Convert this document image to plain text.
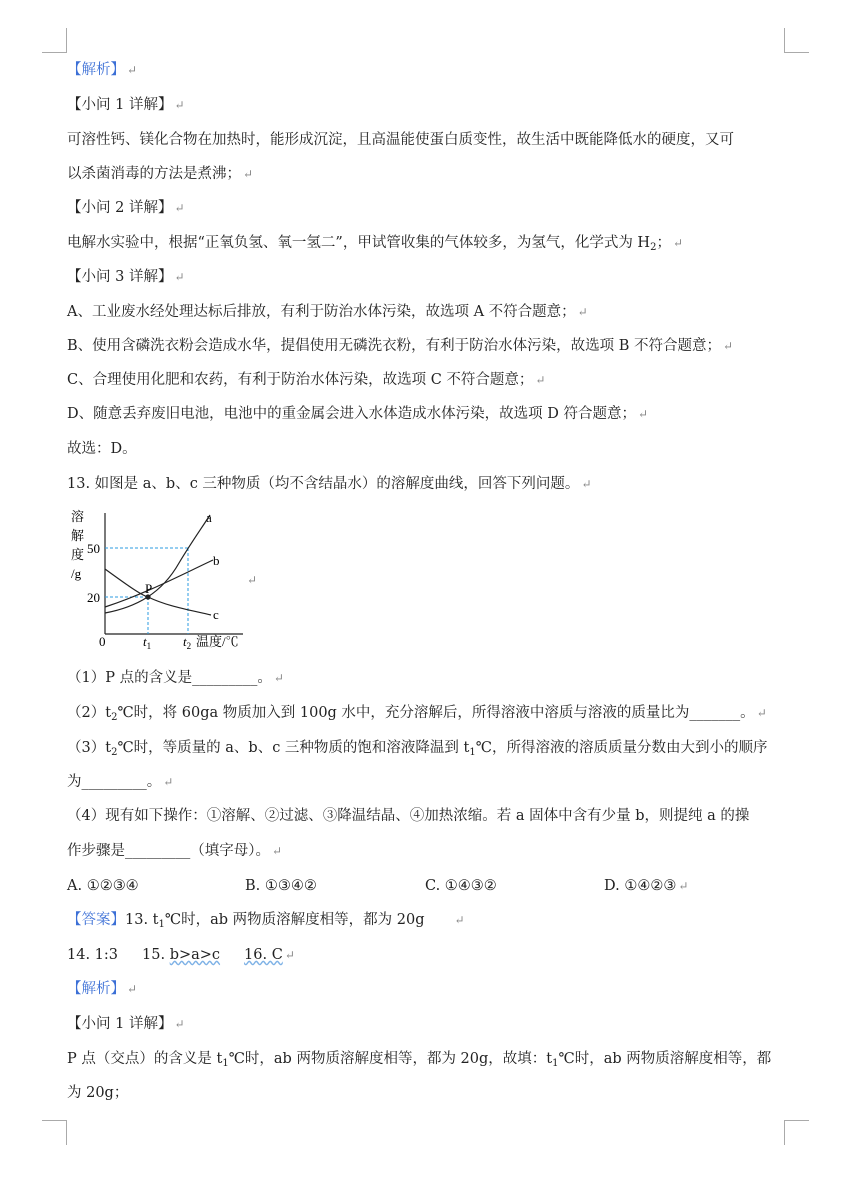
【解析】 ↵
【小问 1 详解】 ↵
可溶性钙、镁化合物在加热时，能形成沉淀，且高温能使蛋白质变性，故生活中既能降低水的硬度，又可
以杀菌消毒的方法是煮沸； ↵
【小问 2 详解】 ↵
电解水实验中，根据“正氧负氢、氧一氢二”，甲试管收集的气体较多，为氢气，化学式为 $H_2$； ↵
【小问 3 详解】 ↵
A、工业废水经处理达标后排放，有利于防治水体污染，故选项 A 不符合题意； ↵
B、使用含磷洗衣粉会造成水华，提倡使用无磷洗衣粉，有利于防治水体污染，故选项 B 不符合题意； ↵
C、合理使用化肥和农药，有利于防治水体污染，故选项 C 不符合题意； ↵
D、随意丢弃废旧电池，电池中的重金属会进入水体造成水体污染，故选项 D 符合题意； ↵
故选：D。
13. 如图是 a、b、c 三种物质（均不含结晶水）的溶解度曲线，回答下列问题。 ↵
a
b
c
P
溶
解
度
/g
50
20
0	$t_1$ $t_2$ 温度/℃
↵
（1）P 点的含义是_________。 ↵
$(2)t_2℃$时，将 60ga 物质加入到 100g 水中，充分溶解后，所得溶液中溶质与溶液的质量比为_______。 ↵
$(3)t_2℃$时，等质量的 a、b、c 三种物质的饱和溶液降温到 $t_1℃$，所得溶液的溶质质量分数由大到小的顺序
为_________。 ↵
（4）现有如下操作：①溶解、②过滤、③降温结晶、④加热浓缩。若 a 固体中含有少量 b，则提纯 a 的操
作步骤是_________（填字母）。 ↵
A. ①②③④	B. ①③④②	C. ①④③②	D. ①④②③ ↵
【答案】13. $t_1℃$时，ab 两物质溶解度相等，都为 20g	↵
14. 1:3 15. b>a>c 16. C ↵
【解析】 ↵
【小问 1 详解】 ↵
P 点（交点）的含义是 $t_1℃$时，ab 两物质溶解度相等，都为 20g，故填：$t_1℃$时，ab 两物质溶解度相等，都
为 20g；
